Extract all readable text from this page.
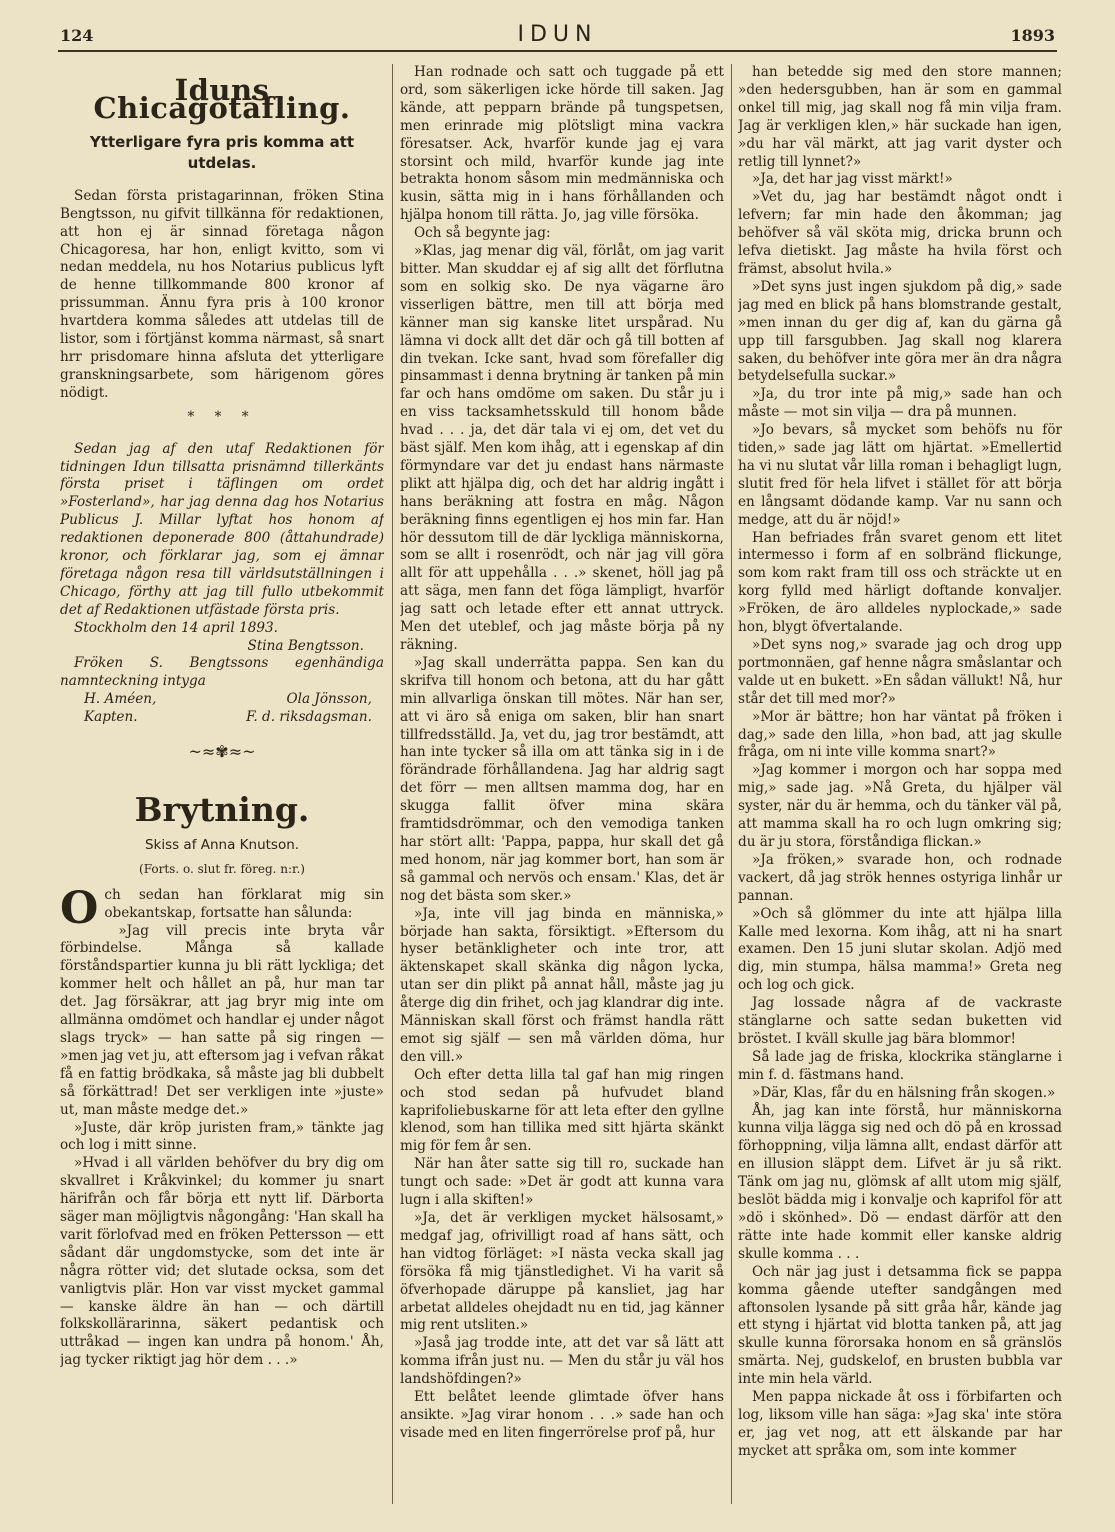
124	IDUN	1893

Iduns Chicagotäfling.

Ytterligare fyra pris komma att utdelas.

Sedan första pristagarinnan, fröken Stina Bengtsson, nu gifvit tillkänna för redaktionen, att hon ej är sinnad företaga någon Chicagoresa, har hon, enligt kvitto, som vi nedan meddela, nu hos Notarius publicus lyft de henne tillkommande 800 kronor af prissumman. Ännu fyra pris à 100 kronor hvartdera komma således att utdelas till de listor, som i förtjänst komma närmast, så snart hrr prisdomare hinna afsluta det ytterligare granskningsarbete, som härigenom göres nödigt.

* * *

Sedan jag af den utaf Redaktionen för tidningen Idun tillsatta prisnämnd tillerkänts första priset i täflingen om ordet »Fosterland», har jag denna dag hos Notarius Publicus J. Millar lyftat hos honom af redaktionen deponerade 800 (åttahundrade) kronor, och förklarar jag, som ej ämnar företaga någon resa till världsutställningen i Chicago, förthy att jag till fullo utbekommit det af Redaktionen utfästade första pris.

Stockholm den 14 april 1893.

Stina Bengtsson.

Fröken S. Bengtssons egenhändiga namnteckning intyga

H. Améen,	Ola Jönsson,
Kapten.	F. d. riksdagsman.

~≈✾≈~

Brytning.

Skiss af Anna Knutson.

(Forts. o. slut fr. föreg. n:r.)

Och sedan han förklarat mig sin obekantskap, fortsatte han sålunda:

»Jag vill precis inte bryta vår förbindelse. Många så kallade förståndspartier kunna ju bli rätt lyckliga; det kommer helt och hållet an på, hur man tar det. Jag försäkrar, att jag bryr mig inte om allmänna omdömet och handlar ej under något slags tryck» — han satte på sig ringen — »men jag vet ju, att eftersom jag i vefvan råkat få en fattig brödkaka, så måste jag bli dubbelt så förkättrad! Det ser verkligen inte »juste» ut, man måste medge det.»

»Juste, där kröp juristen fram,» tänkte jag och log i mitt sinne.

»Hvad i all världen behöfver du bry dig om skvallret i Kråkvinkel; du kommer ju snart härifrån och får börja ett nytt lif. Därborta säger man möjligtvis någongång: 'Han skall ha varit förlofvad med en fröken Pettersson — ett sådant där ungdomstycke, som det inte är några rötter vid; det slutade ocksa, som det vanligtvis plär. Hon var visst mycket gammal — kanske äldre än han — och därtill folkskollärarinna, säkert pedantisk och uttråkad — ingen kan undra på honom.' Åh, jag tycker riktigt jag hör dem . . .»

Han rodnade och satt och tuggade på ett ord, som säkerligen icke hörde till saken. Jag kände, att pepparn brände på tungspetsen, men erinrade mig plötsligt mina vackra föresatser. Ack, hvarför kunde jag ej vara storsint och mild, hvarför kunde jag inte betrakta honom såsom min medmänniska och kusin, sätta mig in i hans förhållanden och hjälpa honom till rätta. Jo, jag ville försöka.

Och så begynte jag:

»Klas, jag menar dig väl, förlåt, om jag varit bitter. Man skuddar ej af sig allt det förflutna som en solkig sko. De nya vägarne äro visserligen bättre, men till att börja med känner man sig kanske litet urspårad. Nu lämna vi dock allt det där och gå till botten af din tvekan. Icke sant, hvad som förefaller dig pinsammast i denna brytning är tanken på min far och hans omdöme om saken. Du står ju i en viss tacksamhetsskuld till honom både hvad . . . ja, det där tala vi ej om, det vet du bäst själf. Men kom ihåg, att i egenskap af din förmyndare var det ju endast hans närmaste plikt att hjälpa dig, och det har aldrig ingått i hans beräkning att fostra en måg. Någon beräkning finns egentligen ej hos min far. Han hör dessutom till de där lyckliga människorna, som se allt i rosenrödt, och när jag vill göra allt för att uppehålla . . .» skenet, höll jag på att säga, men fann det föga lämpligt, hvarför jag satt och letade efter ett annat uttryck. Men det uteblef, och jag måste börja på ny räkning.

»Jag skall underrätta pappa. Sen kan du skrifva till honom och betona, att du har gått min allvarliga önskan till mötes. När han ser, att vi äro så eniga om saken, blir han snart tillfredsställd. Ja, vet du, jag tror bestämdt, att han inte tycker så illa om att tänka sig in i de förändrade förhållandena. Jag har aldrig sagt det förr — men alltsen mamma dog, har en skugga fallit öfver mina skära framtidsdrömmar, och den vemodiga tanken har stört allt: 'Pappa, pappa, hur skall det gå med honom, när jag kommer bort, han som är så gammal och nervös och ensam.' Klas, det är nog det bästa som sker.»

»Ja, inte vill jag binda en människa,» började han sakta, försiktigt. »Eftersom du hyser betänkligheter och inte tror, att äktenskapet skall skänka dig någon lycka, utan ser din plikt på annat håll, måste jag ju återge dig din frihet, och jag klandrar dig inte. Människan skall först och främst handla rätt emot sig själf — sen må världen döma, hur den vill.»

Och efter detta lilla tal gaf han mig ringen och stod sedan på hufvudet bland kaprifoliebuskarne för att leta efter den gyllne klenod, som han tillika med sitt hjärta skänkt mig för fem år sen.

När han åter satte sig till ro, suckade han tungt och sade: »Det är godt att kunna vara lugn i alla skiften!»

»Ja, det är verkligen mycket hälsosamt,» medgaf jag, ofrivilligt road af hans sätt, och han vidtog förläget: »I nästa vecka skall jag försöka få mig tjänstledighet. Vi ha varit så öfverhopade däruppe på kansliet, jag har arbetat alldeles ohejdadt nu en tid, jag känner mig rent utsliten.»

»Jaså jag trodde inte, att det var så lätt att komma ifrån just nu. — Men du står ju väl hos landshöfdingen?»

Ett belåtet leende glimtade öfver hans ansikte. »Jag virar honom . . .» sade han och visade med en liten fingerrörelse prof på, hur

han betedde sig med den store mannen; »den hedersgubben, han är som en gammal onkel till mig, jag skall nog få min vilja fram. Jag är verkligen klen,» här suckade han igen, »du har väl märkt, att jag varit dyster och retlig till lynnet?»

»Ja, det har jag visst märkt!»

»Vet du, jag har bestämdt något ondt i lefvern; far min hade den åkomman; jag behöfver så väl sköta mig, dricka brunn och lefva dietiskt. Jag måste ha hvila först och främst, absolut hvila.»

»Det syns just ingen sjukdom på dig,» sade jag med en blick på hans blomstrande gestalt, »men innan du ger dig af, kan du gärna gå upp till farsgubben. Jag skall nog klarera saken, du behöfver inte göra mer än dra några betydelsefulla suckar.»

»Ja, du tror inte på mig,» sade han och måste — mot sin vilja — dra på munnen.

»Jo bevars, så mycket som behöfs nu för tiden,» sade jag lätt om hjärtat. »Emellertid ha vi nu slutat vår lilla roman i behagligt lugn, slutit fred för hela lifvet i stället för att börja en långsamt dödande kamp. Var nu sann och medge, att du är nöjd!»

Han befriades från svaret genom ett litet intermesso i form af en solbränd flickunge, som kom rakt fram till oss och sträckte ut en korg fylld med härligt doftande konvaljer. »Fröken, de äro alldeles nyplockade,» sade hon, blygt öfvertalande.

»Det syns nog,» svarade jag och drog upp portmonnäen, gaf henne några småslantar och valde ut en bukett. »En sådan vällukt! Nå, hur står det till med mor?»

»Mor är bättre; hon har väntat på fröken i dag,» sade den lilla, »hon bad, att jag skulle fråga, om ni inte ville komma snart?»

»Jag kommer i morgon och har soppa med mig,» sade jag. »Nå Greta, du hjälper väl syster, när du är hemma, och du tänker väl på, att mamma skall ha ro och lugn omkring sig; du är ju stora, förståndiga flickan.»

»Ja fröken,» svarade hon, och rodnade vackert, då jag strök hennes ostyriga linhår ur pannan.

»Och så glömmer du inte att hjälpa lilla Kalle med lexorna. Kom ihåg, att ni ha snart examen. Den 15 juni slutar skolan. Adjö med dig, min stumpa, hälsa mamma!» Greta neg och log och gick.

Jag lossade några af de vackraste stänglarne och satte sedan buketten vid bröstet. I kväll skulle jag bära blommor!

Så lade jag de friska, klockrika stänglarne i min f. d. fästmans hand.

»Där, Klas, får du en hälsning från skogen.»

Åh, jag kan inte förstå, hur människorna kunna vilja lägga sig ned och dö på en krossad förhoppning, vilja lämna allt, endast därför att en illusion släppt dem. Lifvet är ju så rikt. Tänk om jag nu, glömsk af allt utom mig själf, beslöt bädda mig i konvalje och kaprifol för att »dö i skönhed». Dö — endast därför att den rätte inte hade kommit eller kanske aldrig skulle komma . . .

Och när jag just i detsamma fick se pappa komma gående utefter sandgången med aftonsolen lysande på sitt gråa hår, kände jag ett styng i hjärtat vid blotta tanken på, att jag skulle kunna förorsaka honom en så gränslös smärta. Nej, gudskelof, en brusten bubbla var inte min hela värld.

Men pappa nickade åt oss i förbifarten och log, liksom ville han säga: »Jag ska' inte störa er, jag vet nog, att ett älskande par har mycket att språka om, som inte kommer
